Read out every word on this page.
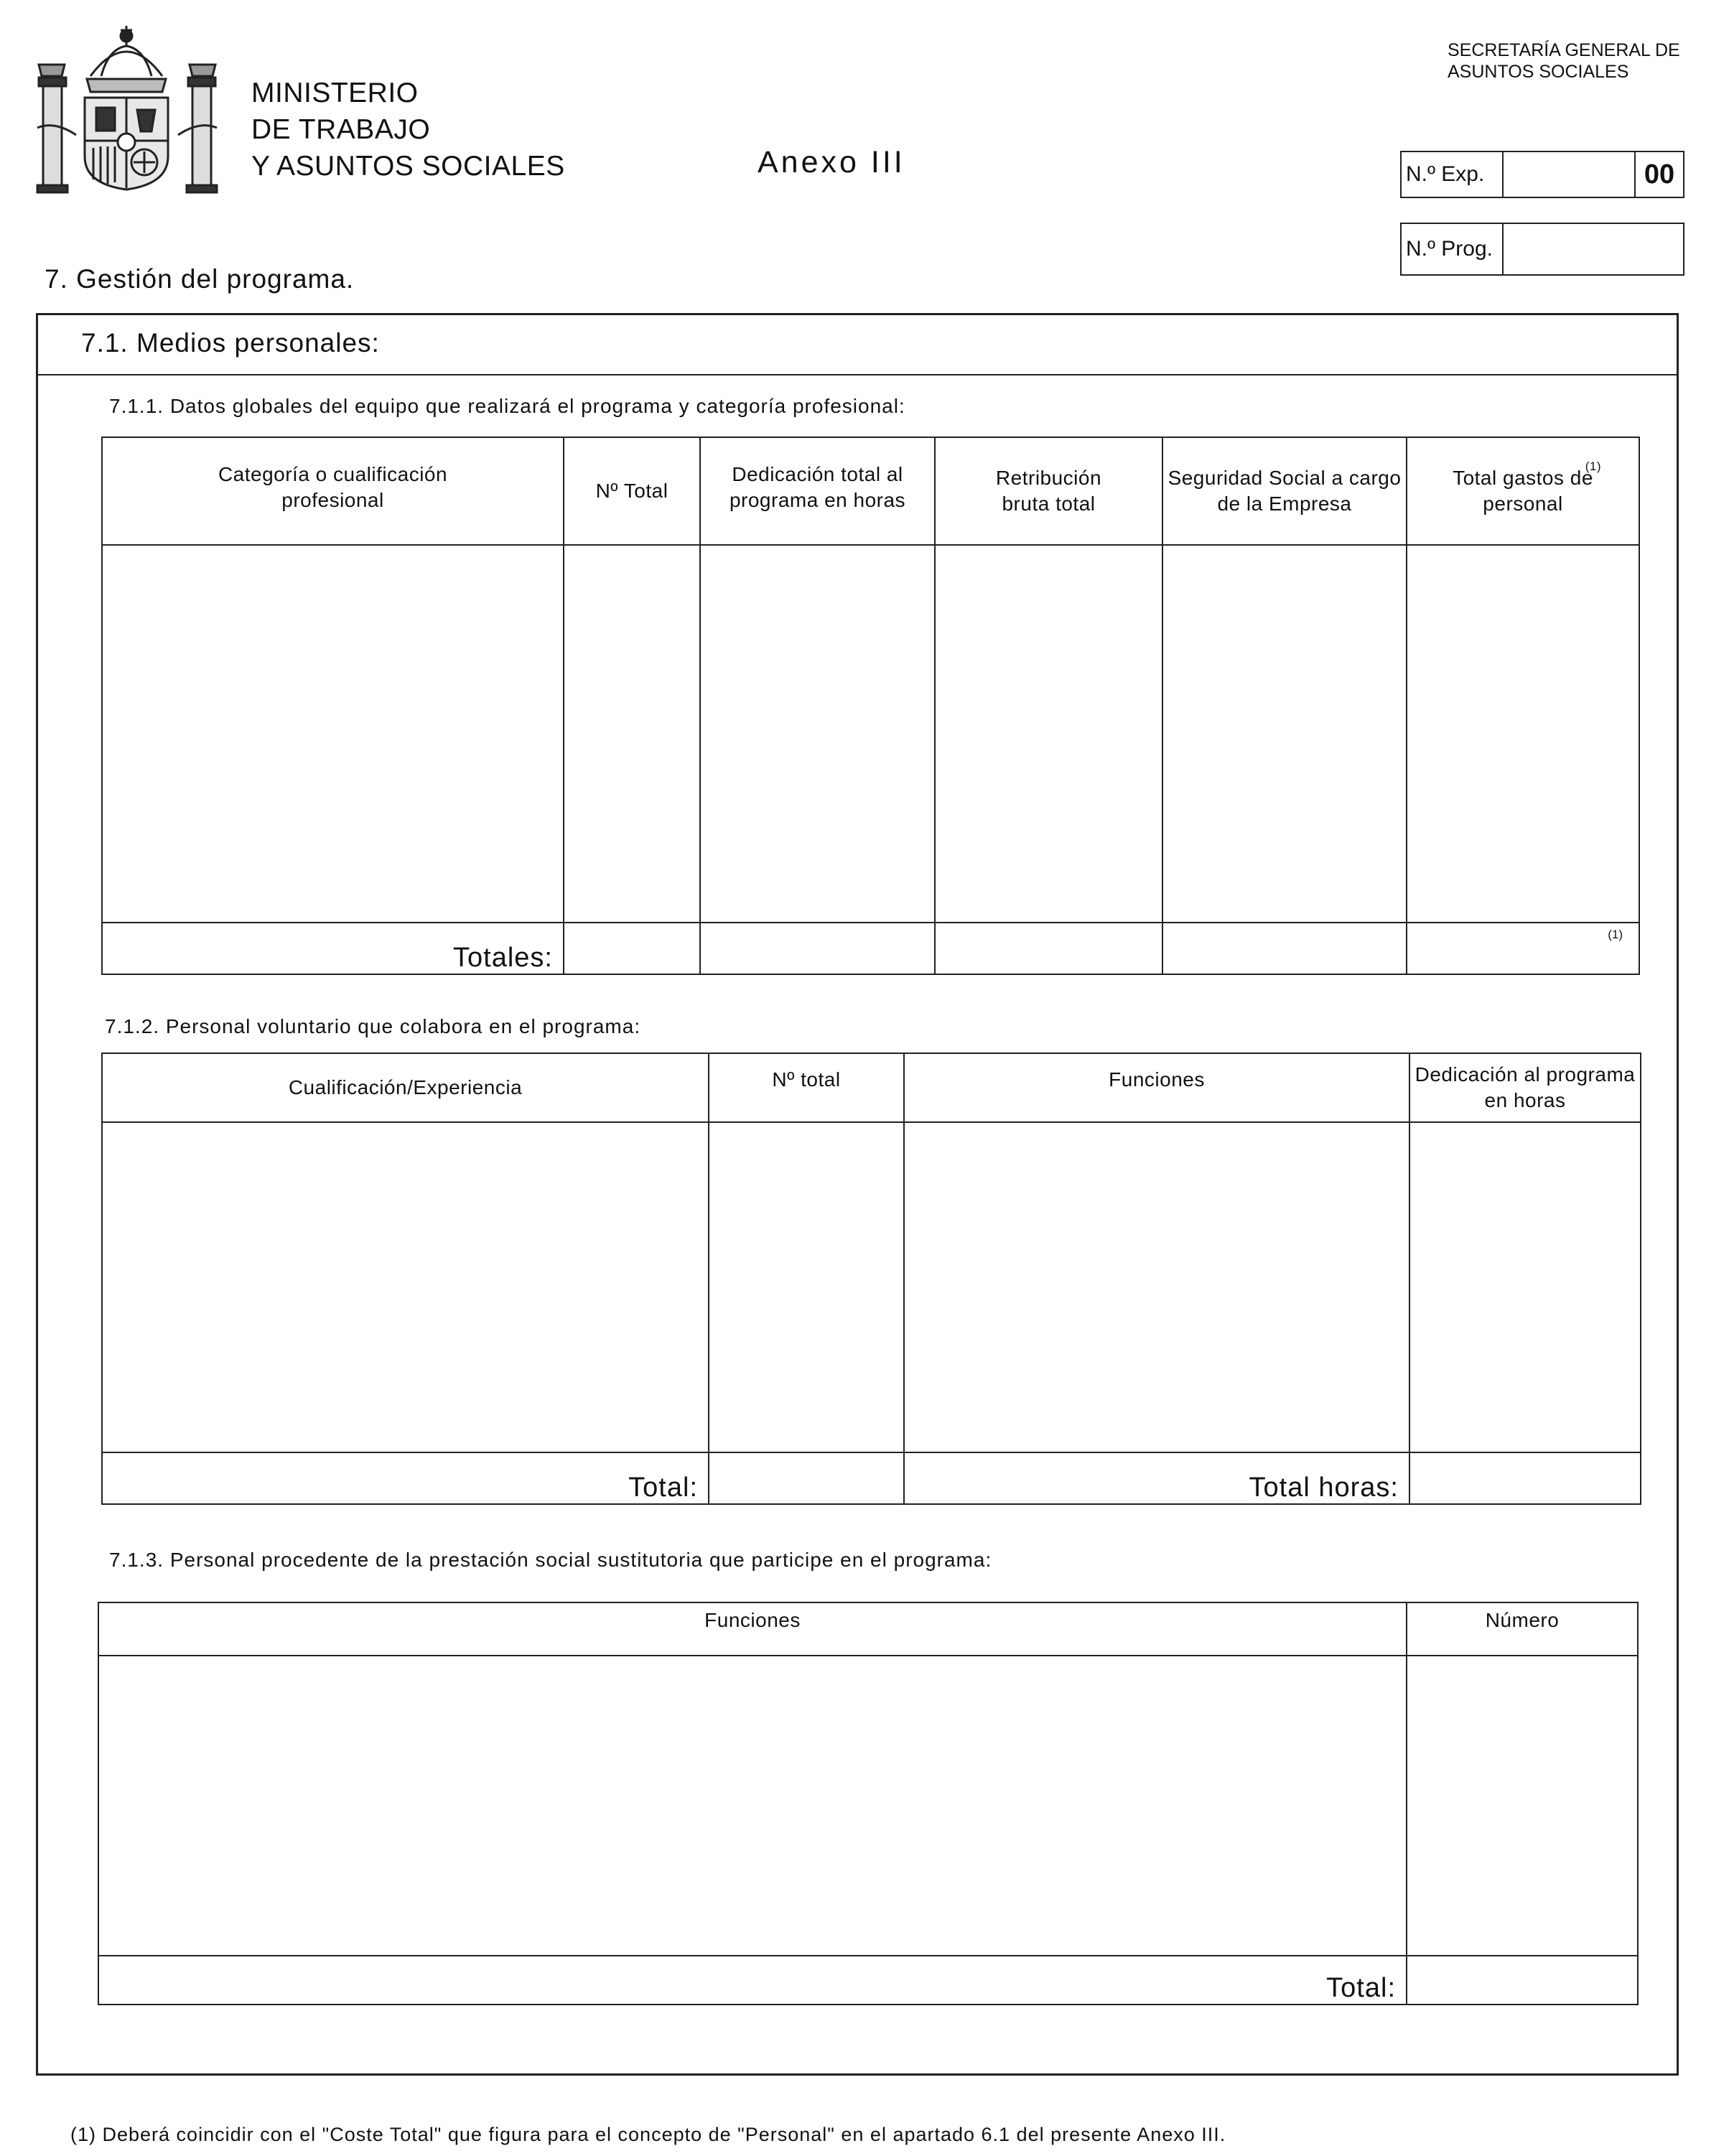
MINISTERIO
DE TRABAJO
Y ASUNTOS SOCIALES	Anexo III
SECRETARÍA GENERAL DE
ASUNTOS SOCIALES
N.º Exp.	00
N.º Prog.
7. Gestión del programa.
7.1. Medios personales:
7.1.1. Datos globales del equipo que realizará el programa y categoría profesional:
Categoría o cualificación profesional	Nº Total	Dedicación total al programa en horas	Retribución bruta total	Seguridad Social a cargo de la Empresa	Total gastos de personal
(1)

Totales:					(1)
7.1.2. Personal voluntario que colabora en el programa:
Cualificación/Experiencia	Nº total	Funciones	Dedicación al programa en horas

Total:		Total horas:	
7.1.3. Personal procedente de la prestación social sustitutoria que participe en el programa:
Funciones	Número

Total:	
(1) Deberá coincidir con el "Coste Total" que figura para el concepto de "Personal" en el apartado 6.1 del presente Anexo III.
